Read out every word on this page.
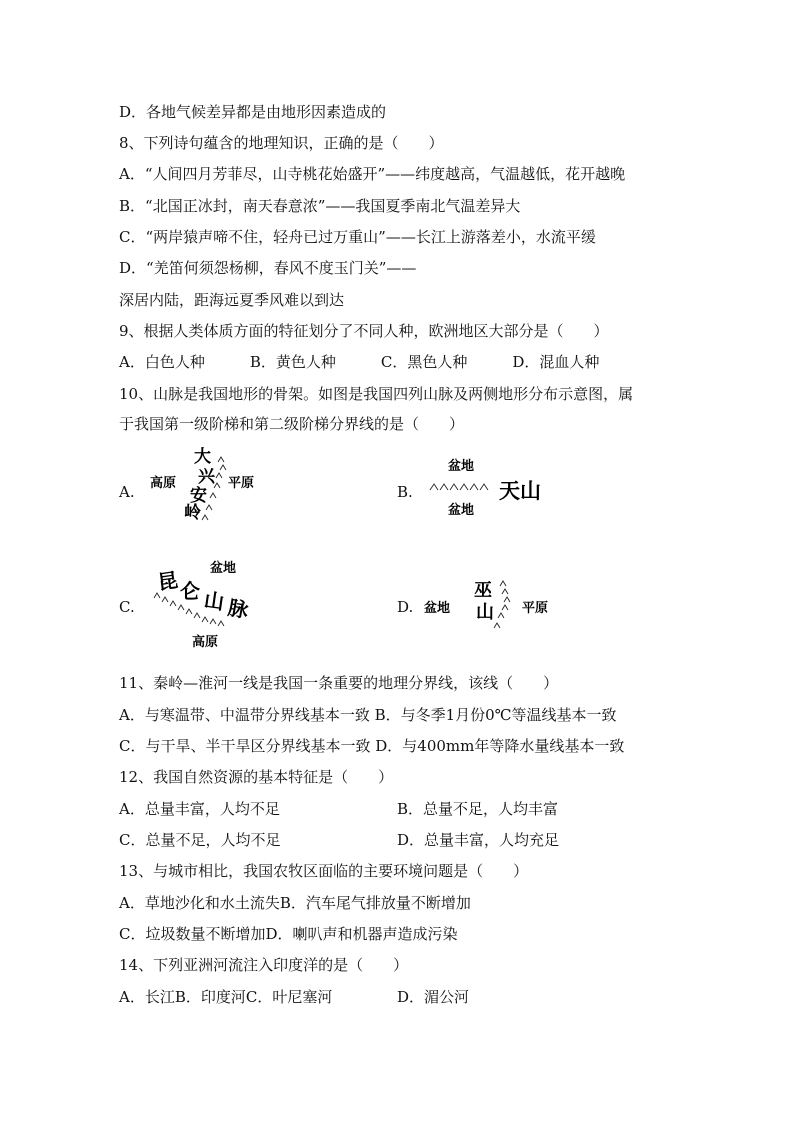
D．各地气候差异都是由地形因素造成的
8、下列诗句蕴含的地理知识，正确的是（　　）
A．“人间四月芳菲尽，山寺桃花始盛开”——纬度越高，气温越低，花开越晚
B．“北国正冰封，南天春意浓”——我国夏季南北气温差异大
C．“两岸猿声啼不住，轻舟已过万重山”——长江上游落差小，水流平缓
D．“羌笛何须怨杨柳，春风不度玉门关”——
深居内陆，距海远夏季风难以到达
9、根据人类体质方面的特征划分了不同人种，欧洲地区大部分是（　　）
A．白色人种　　　B．黄色人种　　　C．黑色人种　　　D．混血人种
10、山脉是我国地形的骨架。如图是我国四列山脉及两侧地形分布示意图，属
于我国第一级阶梯和第二级阶梯分界线的是（　　）
A. 高原	平原
大
兴
安
岭
B.
盆地
盆地
天山
C.
盆地
昆 仑 山 脉
高原
D. 盆地
巫
山 平原
11、秦岭—淮河一线是我国一条重要的地理分界线，该线（　　）
A．与寒温带、中温带分界线基本一致 B．与冬季1月份0℃等温线基本一致
C．与干旱、半干旱区分界线基本一致 D．与400mm年等降水量线基本一致
12、我国自然资源的基本特征是（　　）
A．总量丰富，人均不足	B．总量不足，人均丰富
C．总量不足，人均不足	D．总量丰富，人均充足
13、与城市相比，我国农牧区面临的主要环境问题是（　　）
A．草地沙化和水土流失B．汽车尾气排放量不断增加
C．垃圾数量不断增加D．喇叭声和机器声造成污染
14、下列亚洲河流注入印度洋的是（　　）
A．长江B．印度河C．叶尼塞河	D．湄公河
